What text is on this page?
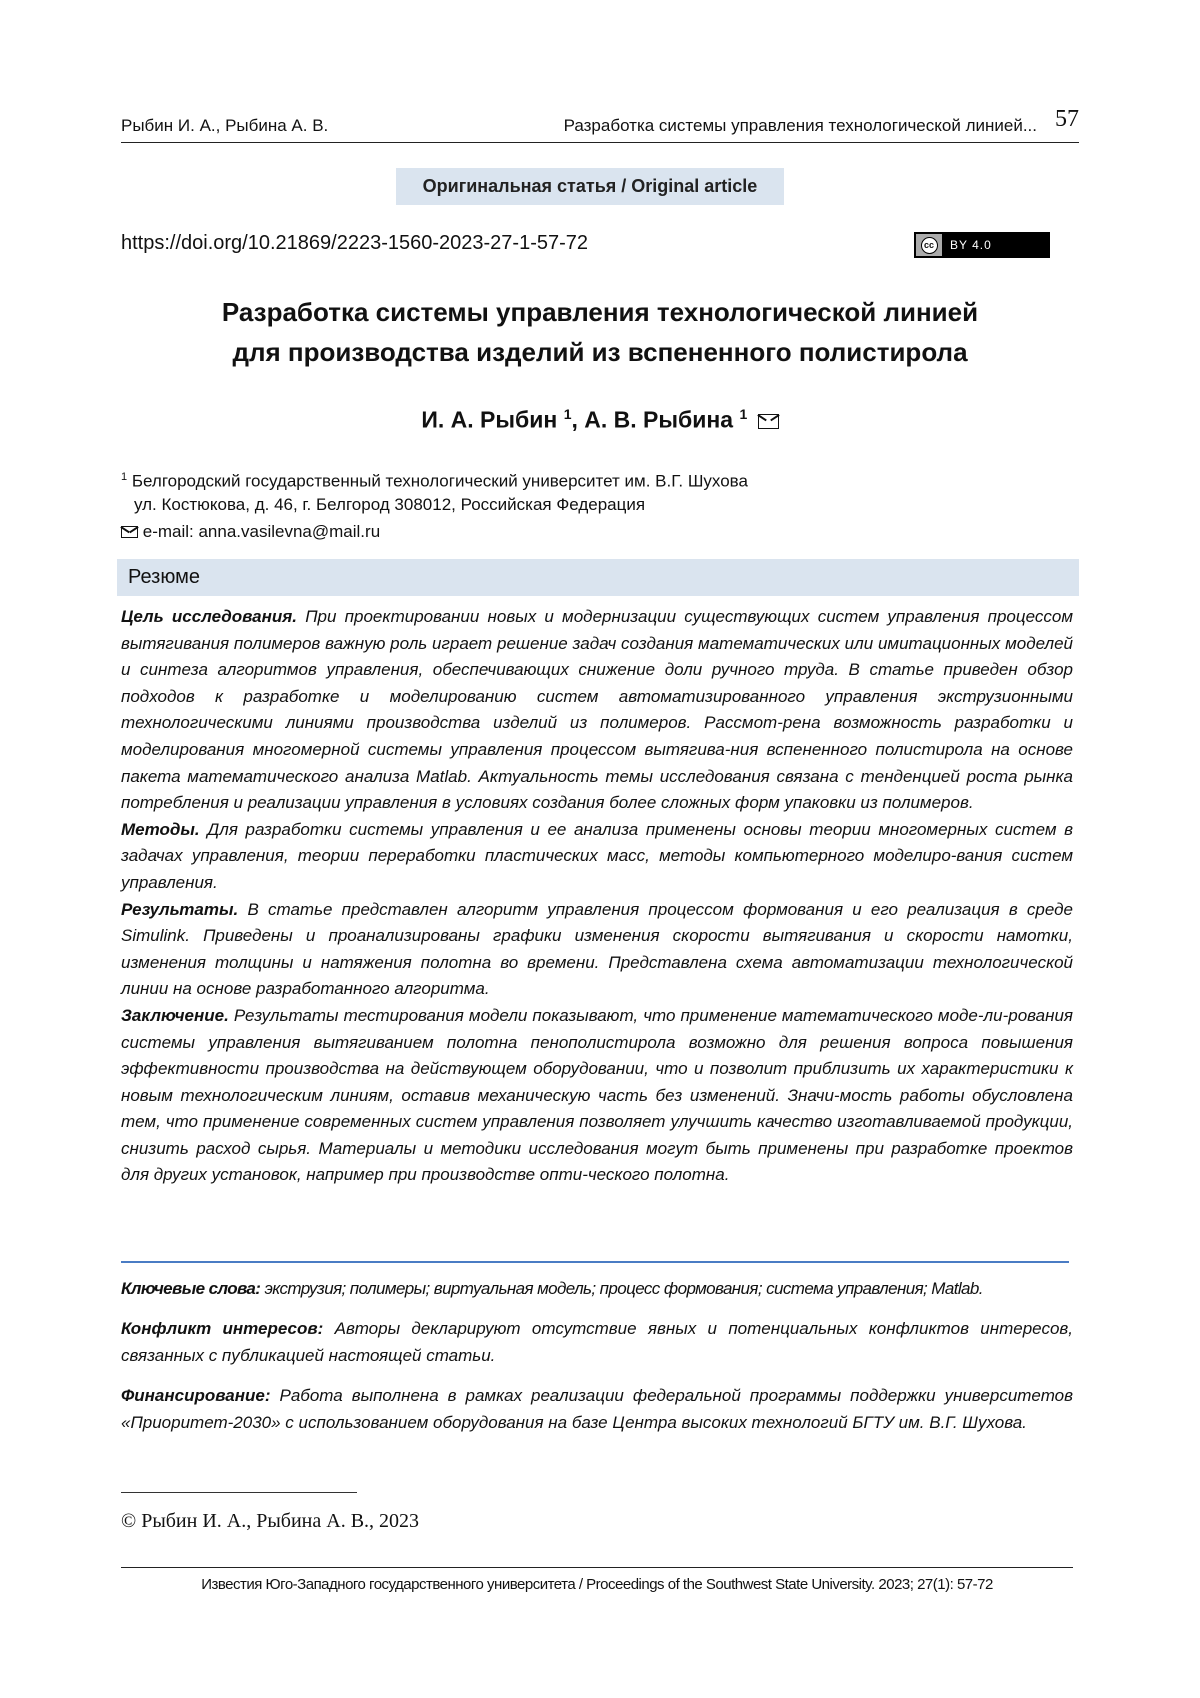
Рыбин И. А., Рыбина А. В.	Разработка системы управления технологической линией... 57
Оригинальная статья / Original article
https://doi.org/10.21869/2223-1560-2023-27-1-57-72	cc	BY 4.0
Разработка системы управления технологической линией
для производства изделий из вспененного полистирола
И. А. Рыбин $^1$, А. В. Рыбина $^1$
$^1$ Белгородский государственный технологический университет им. В.Г. Шухова
ул. Костюкова, д. 46, г. Белгород 308012, Российская Федерация
e-mail: anna.vasilevna@mail.ru
Резюме

Цель исследования. При проектировании новых и модернизации существующих систем управления процессом вытягивания полимеров важную роль играет решение задач создания математических или имитационных моделей и синтеза алгоритмов управления, обеспечивающих снижение доли ручного труда. В статье приведен обзор подходов к разработке и моделированию систем автоматизированного управления экструзионными технологическими линиями производства изделий из полимеров. Рассмот-рена возможность разработки и моделирования многомерной системы управления процессом вытягива-ния вспененного полистирола на основе пакета математического анализа Matlab. Актуальность темы исследования связана с тенденцией роста рынка потребления и реализации управления в условиях создания более сложных форм упаковки из полимеров.

Методы. Для разработки системы управления и ее анализа применены основы теории многомерных систем в задачах управления, теории переработки пластических масс, методы компьютерного моделиро-вания систем управления.

Результаты. В статье представлен алгоритм управления процессом формования и его реализация в среде Simulink. Приведены и проанализированы графики изменения скорости вытягивания и скорости намотки, изменения толщины и натяжения полотна во времени. Представлена схема автоматизации технологической линии на основе разработанного алгоритма.

Заключение. Результаты тестирования модели показывают, что применение математического моде-ли-рования системы управления вытягиванием полотна пенополистирола возможно для решения вопроса повышения эффективности производства на действующем оборудовании, что и позволит приблизить их характеристики к новым технологическим линиям, оставив механическую часть без изменений. Значи-мость работы обусловлена тем, что применение современных систем управления позволяет улучшить качество изготавливаемой продукции, снизить расход сырья. Материалы и методики исследования могут быть применены при разработке проектов для других установок, например при производстве опти-ческого полотна.

Ключевые слова: экструзия; полимеры; виртуальная модель; процесс формования; система управления; Matlab.
Конфликт интересов: Авторы декларируют отсутствие явных и потенциальных конфликтов интересов, связанных с публикацией настоящей статьи.
Финансирование: Работа выполнена в рамках реализации федеральной программы поддержки университетов «Приоритет-2030» с использованием оборудования на базе Центра высоких технологий БГТУ им. В.Г. Шухова.
© Рыбин И. А., Рыбина А. В., 2023
Известия Юго-Западного государственного университета / Proceedings of the Southwest State University. 2023; 27(1): 57-72
